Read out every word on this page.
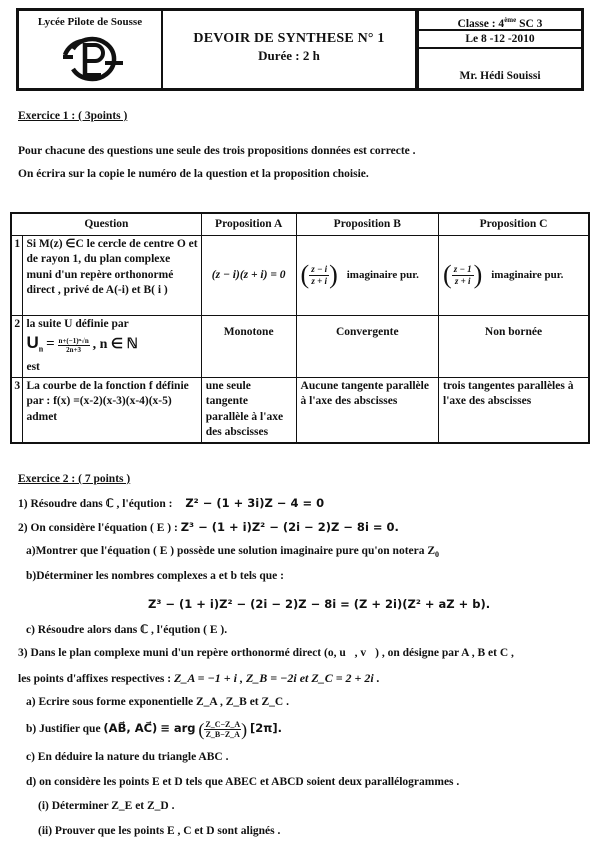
Lycée Pilote de Sousse
DEVOIR DE SYNTHESE N° 1
Durée : 2 h
Classe : 4ème SC 3
Le 8 -12 -2010
Mr. Hédi Souissi
Exercice 1 : ( 3points )
Pour chacune des questions une seule des trois propositions données est correcte .
On écrira sur la copie le numéro de la question et la proposition choisie.
Question		Proposition A	Proposition B	Proposition C
1	Si M(z) ∈C le cercle de centre O et de rayon 1, du plan complexe muni d'un repère orthonormé direct , privé de A(-i) et B( i )	(z − i)(z + i) = 0	( $\frac{z - i}{z + i}$ ) imaginaire pur.	( $\frac{z - 1}{z + i}$ ) imaginaire pur.
2	la suite U définie par
$U_n = \frac{\text{n+(−1)ⁿ√n}}{2n+3}$ , n ∈ ℕ
est
	Monotone	Convergente	Non bornée
3	La courbe de la fonction f définie par : f(x) =(x-2)(x-3)(x-4)(x-5) admet	une seule tangente parallèle à l'axe des abscisses	Aucune tangente parallèle à l'axe des abscisses	trois tangentes parallèles à l'axe des abscisses
Exercice 2 : ( 7 points )
1) Résoudre dans ℂ , l'éqution : Z² − (1 + 3i)Z − 4 = 0
2) On considère l'équation ( E ) : Z³ − (1 + i)Z² − (2i − 2)Z − 8i = 0.
a)Montrer que l'équation ( E ) possède une solution imaginaire pure qu'on notera $Z_0$
b)Déterminer les nombres complexes a et b tels que :
Z³ − (1 + i)Z² − (2i − 2)Z − 8i = (Z + 2i)(Z² + aZ + b).
c) Résoudre alors dans ℂ , l'éqution ( E ).
3) Dans le plan complexe muni d'un repère orthonormé direct (o, u⃗, v⃗) , on désigne par A , B et C ,
les points d'affixes respectives : Z_A = −1 + i , Z_B = −2i et Z_C = 2 + 2i .
a) Ecrire sous forme exponentielle Z_A , Z_B et Z_C .
b) Justifier que (AB⃗, AC⃗) ≡ arg ( $\frac{Z\_C-Z\_A}{Z\_B-Z\_A}$ ) [2π].
c) En déduire la nature du triangle ABC .
d) on considère les points E et D tels que ABEC et ABCD soient deux parallélogrammes .
(i) Déterminer Z_E et Z_D .
(ii) Prouver que les points E , C et D sont alignés .
